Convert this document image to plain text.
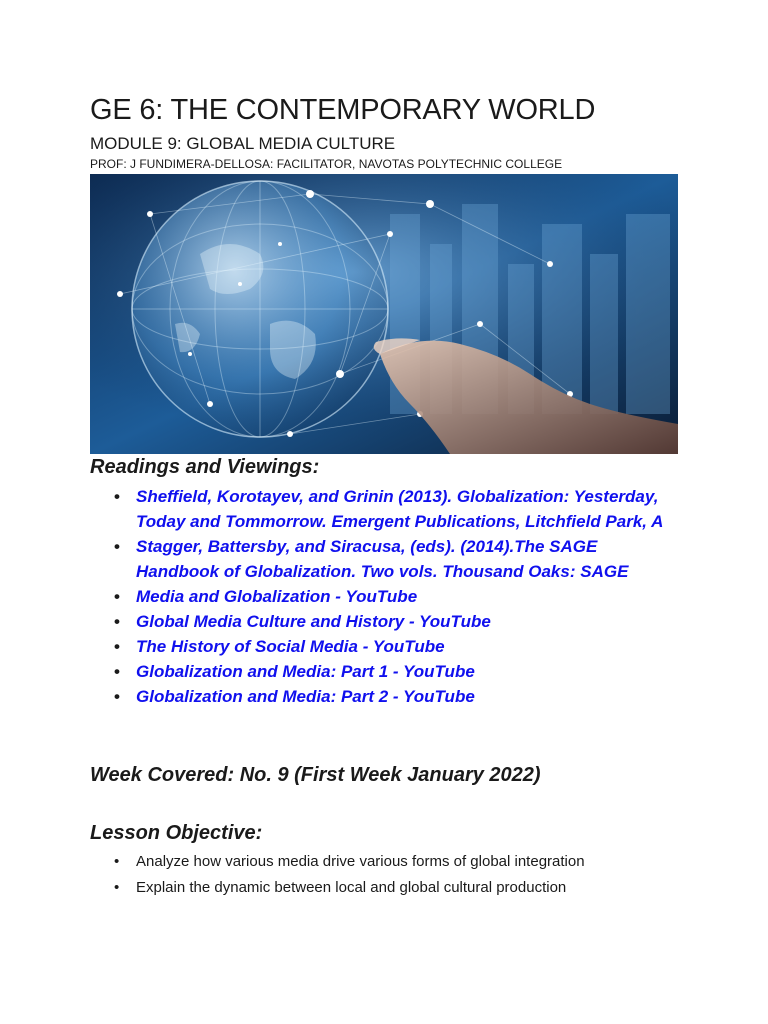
GE 6: THE CONTEMPORARY WORLD
MODULE 9: GLOBAL MEDIA CULTURE
PROF: J FUNDIMERA-DELLOSA: FACILITATOR, NAVOTAS POLYTECHNIC COLLEGE
Readings and Viewings:
• Sheffield, Korotayev, and Grinin (2013). Globalization: Yesterday, Today and Tommorrow. Emergent Publications, Litchfield Park, A
• Stagger, Battersby, and Siracusa, (eds). (2014).The SAGE Handbook of Globalization. Two vols. Thousand Oaks: SAGE
• Media and Globalization - YouTube
• Global Media Culture and History - YouTube
• The History of Social Media - YouTube
• Globalization and Media: Part 1 - YouTube
• Globalization and Media: Part 2 - YouTube
Week Covered: No. 9 (First Week January 2022)
Lesson Objective:
• Analyze how various media drive various forms of global integration
• Explain the dynamic between local and global cultural production
